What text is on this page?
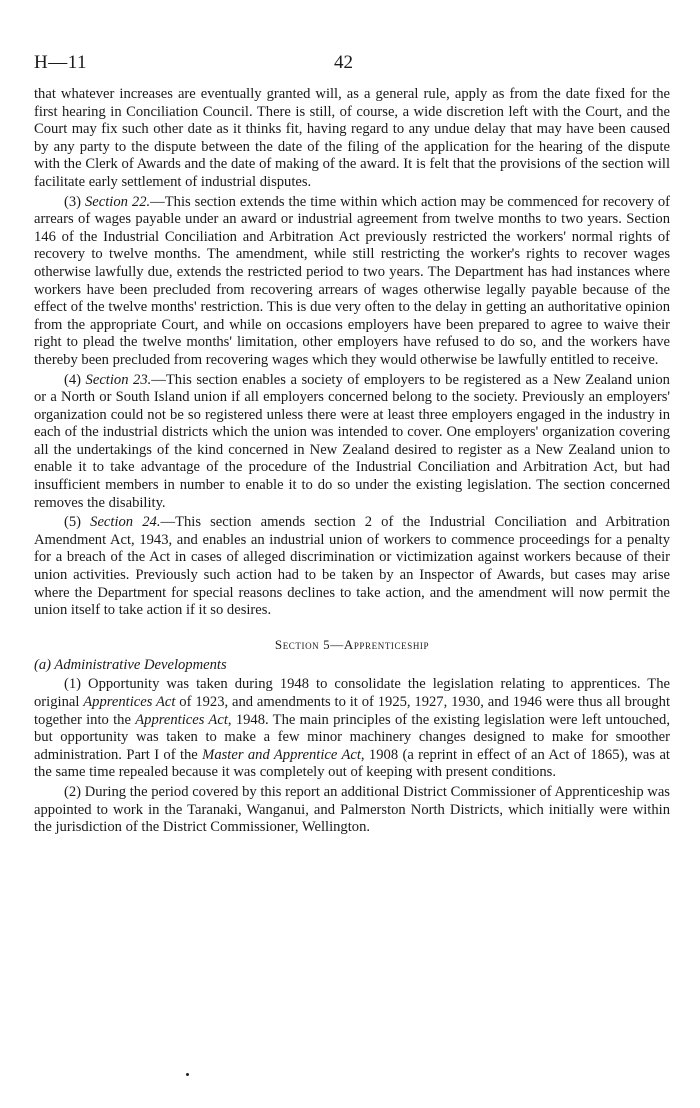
H—11	42

that whatever increases are eventually granted will, as a general rule, apply as from the date fixed for the first hearing in Conciliation Council. There is still, of course, a wide discretion left with the Court, and the Court may fix such other date as it thinks fit, having regard to any undue delay that may have been caused by any party to the dispute between the date of the filing of the application for the hearing of the dispute with the Clerk of Awards and the date of making of the award. It is felt that the provisions of the section will facilitate early settlement of industrial disputes.

(3) Section 22.—This section extends the time within which action may be commenced for recovery of arrears of wages payable under an award or industrial agreement from twelve months to two years. Section 146 of the Industrial Conciliation and Arbitration Act previously restricted the workers' normal rights of recovery to twelve months. The amendment, while still restricting the worker's rights to recover wages otherwise lawfully due, extends the restricted period to two years. The Department has had instances where workers have been precluded from recovering arrears of wages otherwise legally payable because of the effect of the twelve months' restriction. This is due very often to the delay in getting an authoritative opinion from the appropriate Court, and while on occasions employers have been prepared to agree to waive their right to plead the twelve months' limitation, other employers have refused to do so, and the workers have thereby been precluded from recovering wages which they would otherwise be lawfully entitled to receive.

(4) Section 23.—This section enables a society of employers to be registered as a New Zealand union or a North or South Island union if all employers concerned belong to the society. Previously an employers' organization could not be so registered unless there were at least three employers engaged in the industry in each of the industrial districts which the union was intended to cover. One employers' organization covering all the undertakings of the kind concerned in New Zealand desired to register as a New Zealand union to enable it to take advantage of the procedure of the Industrial Conciliation and Arbitration Act, but had insufficient members in number to enable it to do so under the existing legislation. The section concerned removes the disability.

(5) Section 24.—This section amends section 2 of the Industrial Conciliation and Arbitration Amendment Act, 1943, and enables an industrial union of workers to commence proceedings for a penalty for a breach of the Act in cases of alleged discrimination or victimization against workers because of their union activities. Previously such action had to be taken by an Inspector of Awards, but cases may arise where the Department for special reasons declines to take action, and the amendment will now permit the union itself to take action if it so desires.

Section 5—Apprenticeship
(a) Administrative Developments

(1) Opportunity was taken during 1948 to consolidate the legislation relating to apprentices. The original Apprentices Act of 1923, and amendments to it of 1925, 1927, 1930, and 1946 were thus all brought together into the Apprentices Act, 1948. The main principles of the existing legislation were left untouched, but opportunity was taken to make a few minor machinery changes designed to make for smoother administration. Part I of the Master and Apprentice Act, 1908 (a reprint in effect of an Act of 1865), was at the same time repealed because it was completely out of keeping with present conditions.

(2) During the period covered by this report an additional District Commissioner of Apprenticeship was appointed to work in the Taranaki, Wanganui, and Palmerston North Districts, which initially were within the jurisdiction of the District Commissioner, Wellington.
